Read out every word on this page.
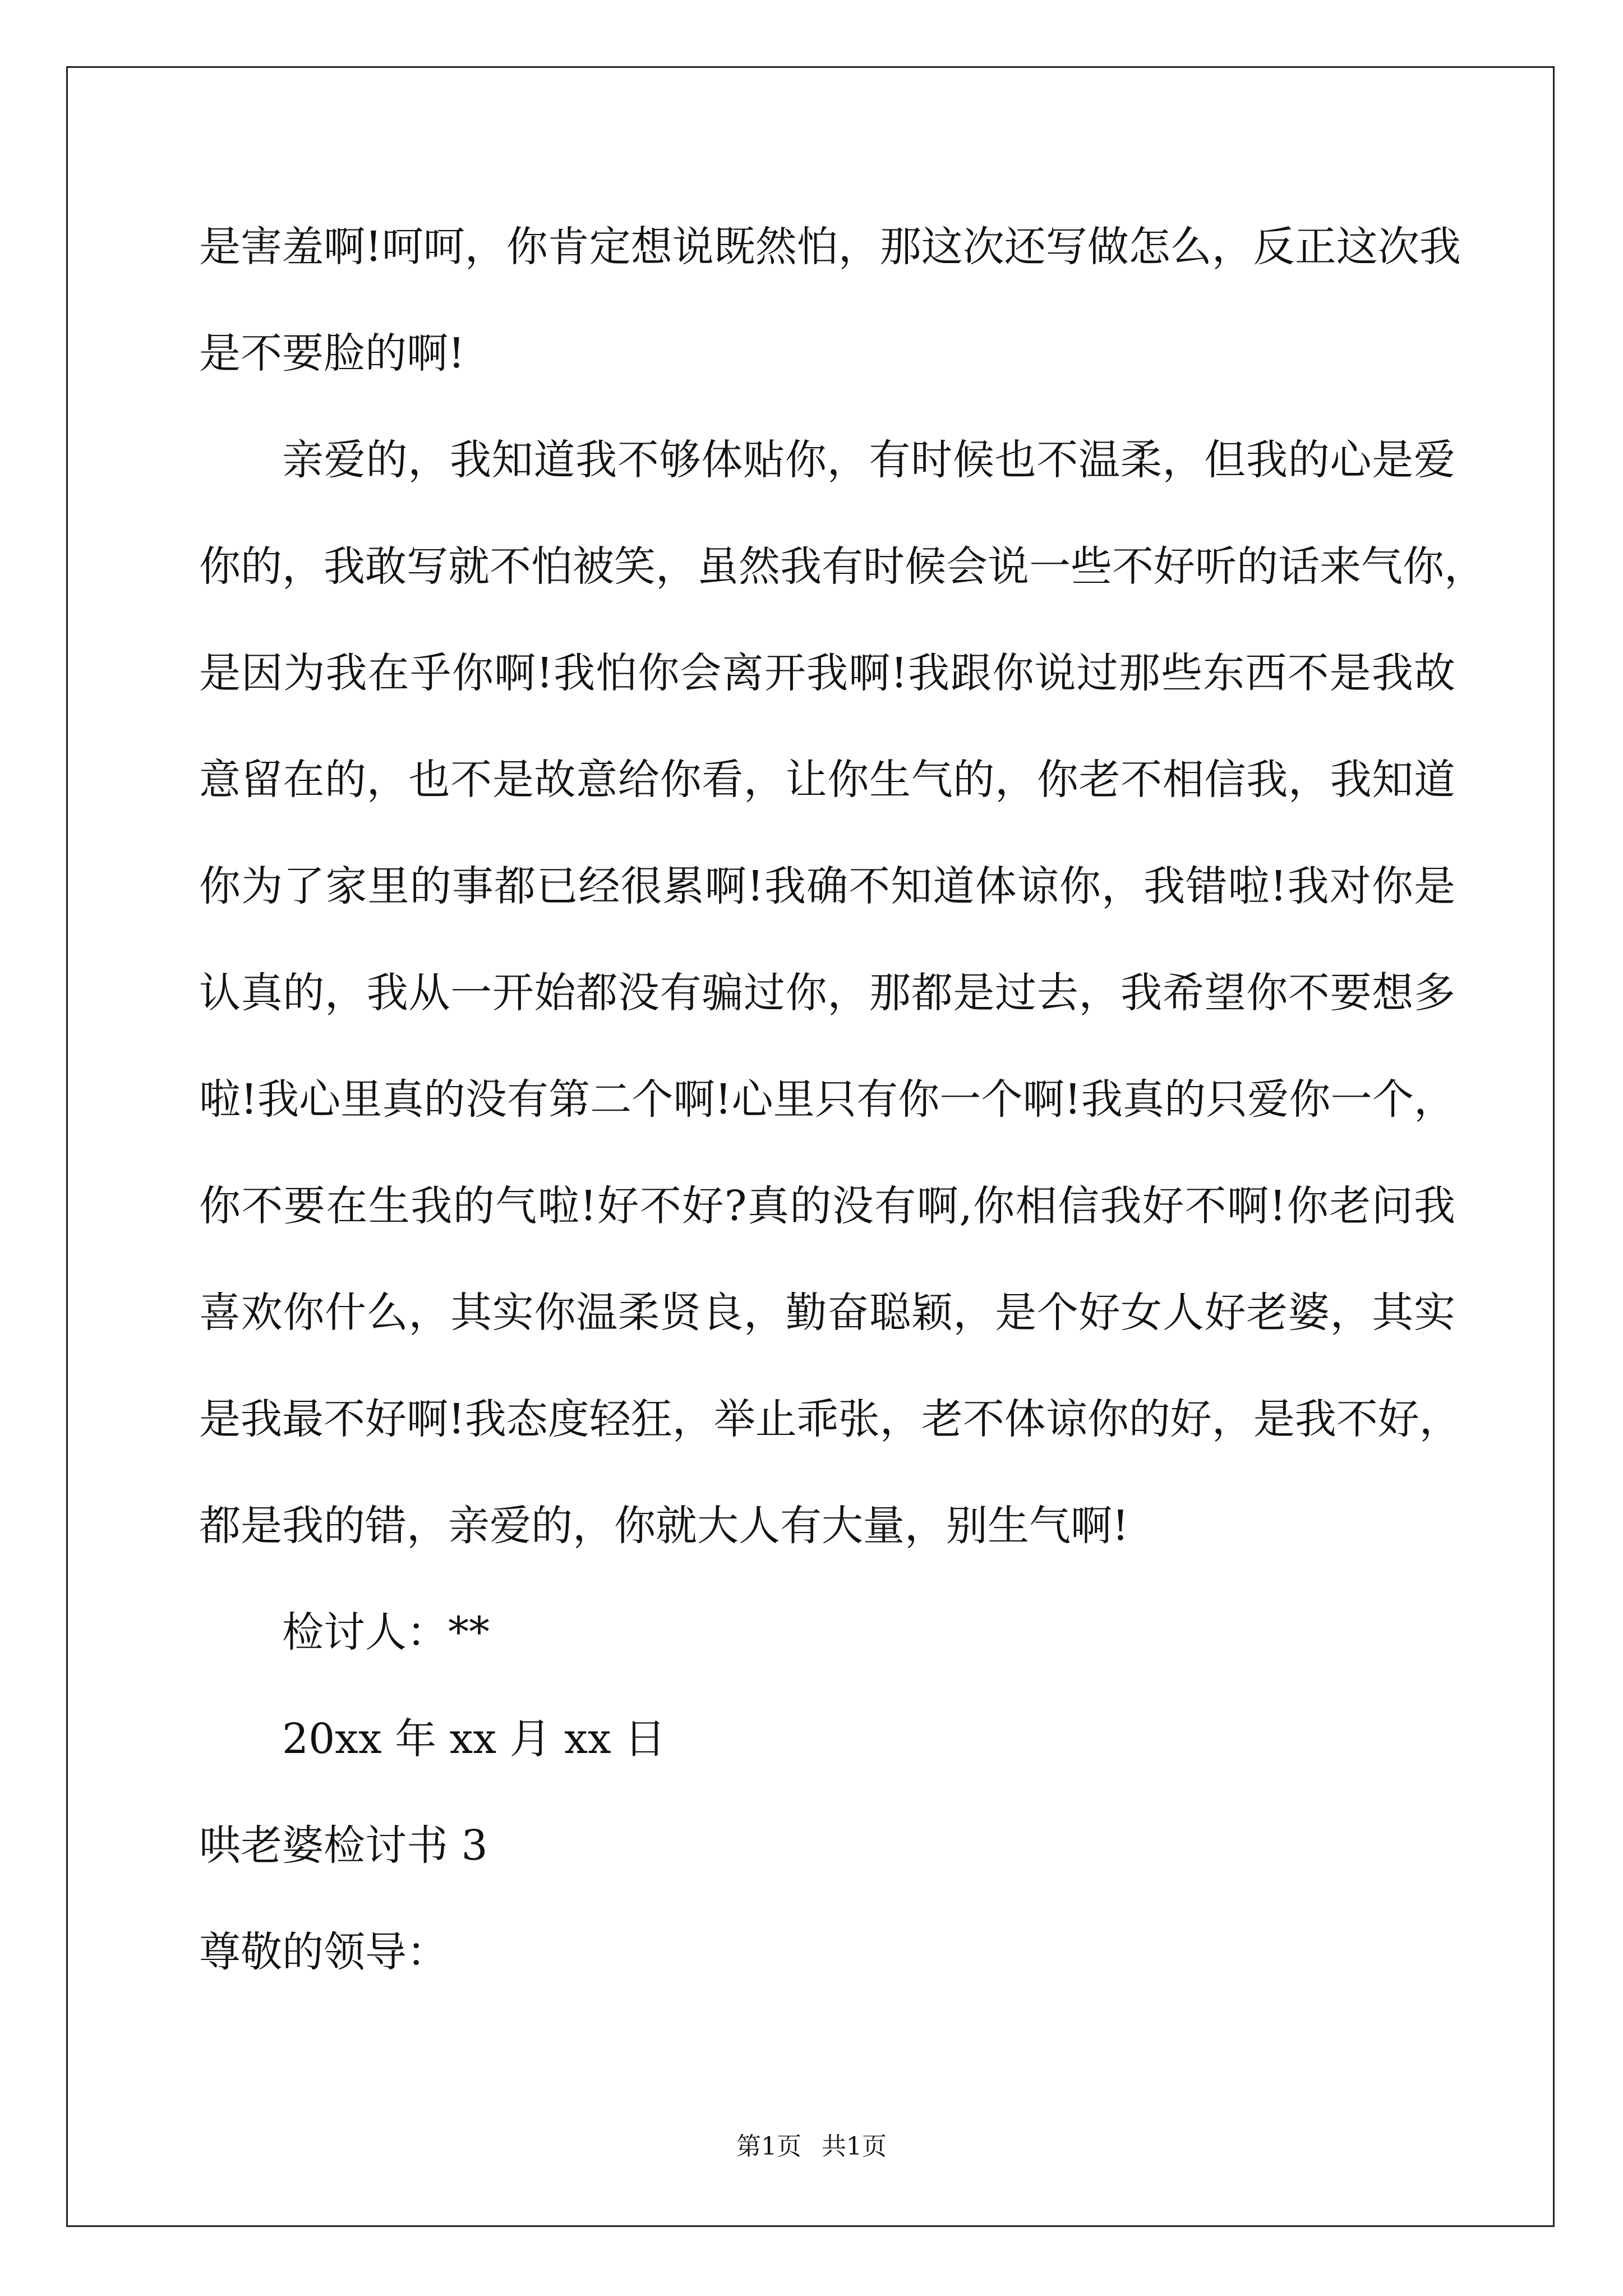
是害羞啊!呵呵，你肯定想说既然怕，那这次还写做怎么，反正这次我
是不要脸的啊!
亲爱的，我知道我不够体贴你，有时候也不温柔，但我的心是爱
你的，我敢写就不怕被笑，虽然我有时候会说一些不好听的话来气你，
是因为我在乎你啊!我怕你会离开我啊!我跟你说过那些东西不是我故
意留在的，也不是故意给你看，让你生气的，你老不相信我，我知道
你为了家里的事都已经很累啊!我确不知道体谅你，我错啦!我对你是
认真的，我从一开始都没有骗过你，那都是过去，我希望你不要想多
啦!我心里真的没有第二个啊!心里只有你一个啊!我真的只爱你一个，
你不要在生我的气啦!好不好?真的没有啊,你相信我好不啊!你老问我
喜欢你什么，其实你温柔贤良，勤奋聪颖，是个好女人好老婆，其实
是我最不好啊!我态度轻狂，举止乖张，老不体谅你的好，是我不好，
都是我的错，亲爱的，你就大人有大量，别生气啊!
检讨人：**
20xx 年 xx 月 xx 日
哄老婆检讨书 3
尊敬的领导：
第1页 共1页
